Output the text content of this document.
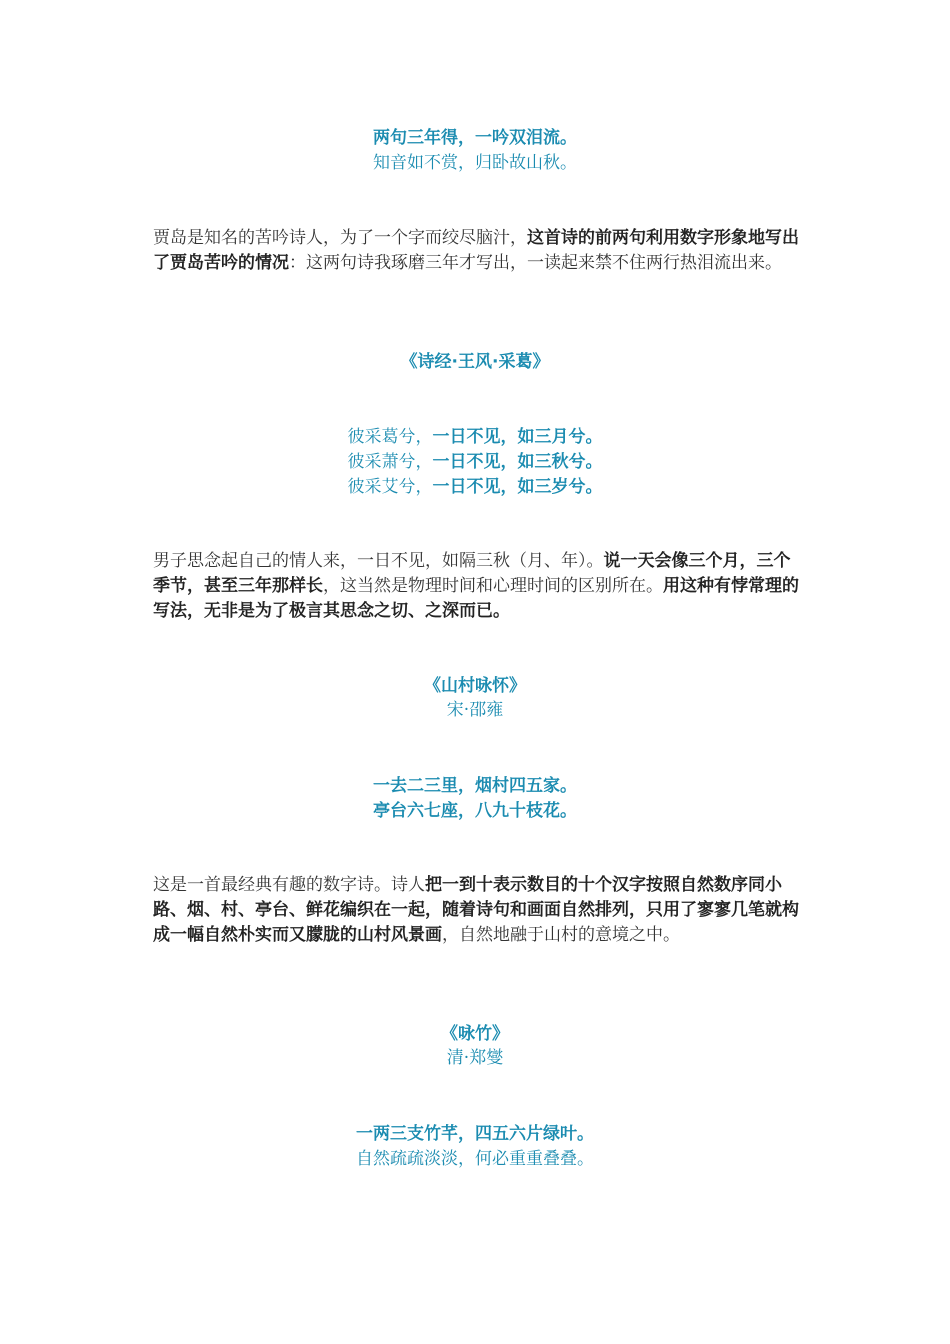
两句三年得，一吟双泪流。
知音如不赏，归卧故山秋。
贾岛是知名的苦吟诗人，为了一个字而绞尽脑汁，这首诗的前两句利用数字形象地写出了贾岛苦吟的情况：这两句诗我琢磨三年才写出，一读起来禁不住两行热泪流出来。
《诗经·王风·采葛》
彼采葛兮，一日不见，如三月兮。
彼采萧兮，一日不见，如三秋兮。
彼采艾兮，一日不见，如三岁兮。
男子思念起自己的情人来，一日不见，如隔三秋（月、年）。说一天会像三个月，三个季节，甚至三年那样长，这当然是物理时间和心理时间的区别所在。用这种有悖常理的写法，无非是为了极言其思念之切、之深而已。
《山村咏怀》
宋·邵雍
一去二三里，烟村四五家。
亭台六七座，八九十枝花。
这是一首最经典有趣的数字诗。诗人把一到十表示数目的十个汉字按照自然数序同小路、烟、村、亭台、鲜花编织在一起，随着诗句和画面自然排列，只用了寥寥几笔就构成一幅自然朴实而又朦胧的山村风景画，自然地融于山村的意境之中。
《咏竹》
清·郑燮
一两三支竹芊，四五六片绿叶。
自然疏疏淡淡，何必重重叠叠。
